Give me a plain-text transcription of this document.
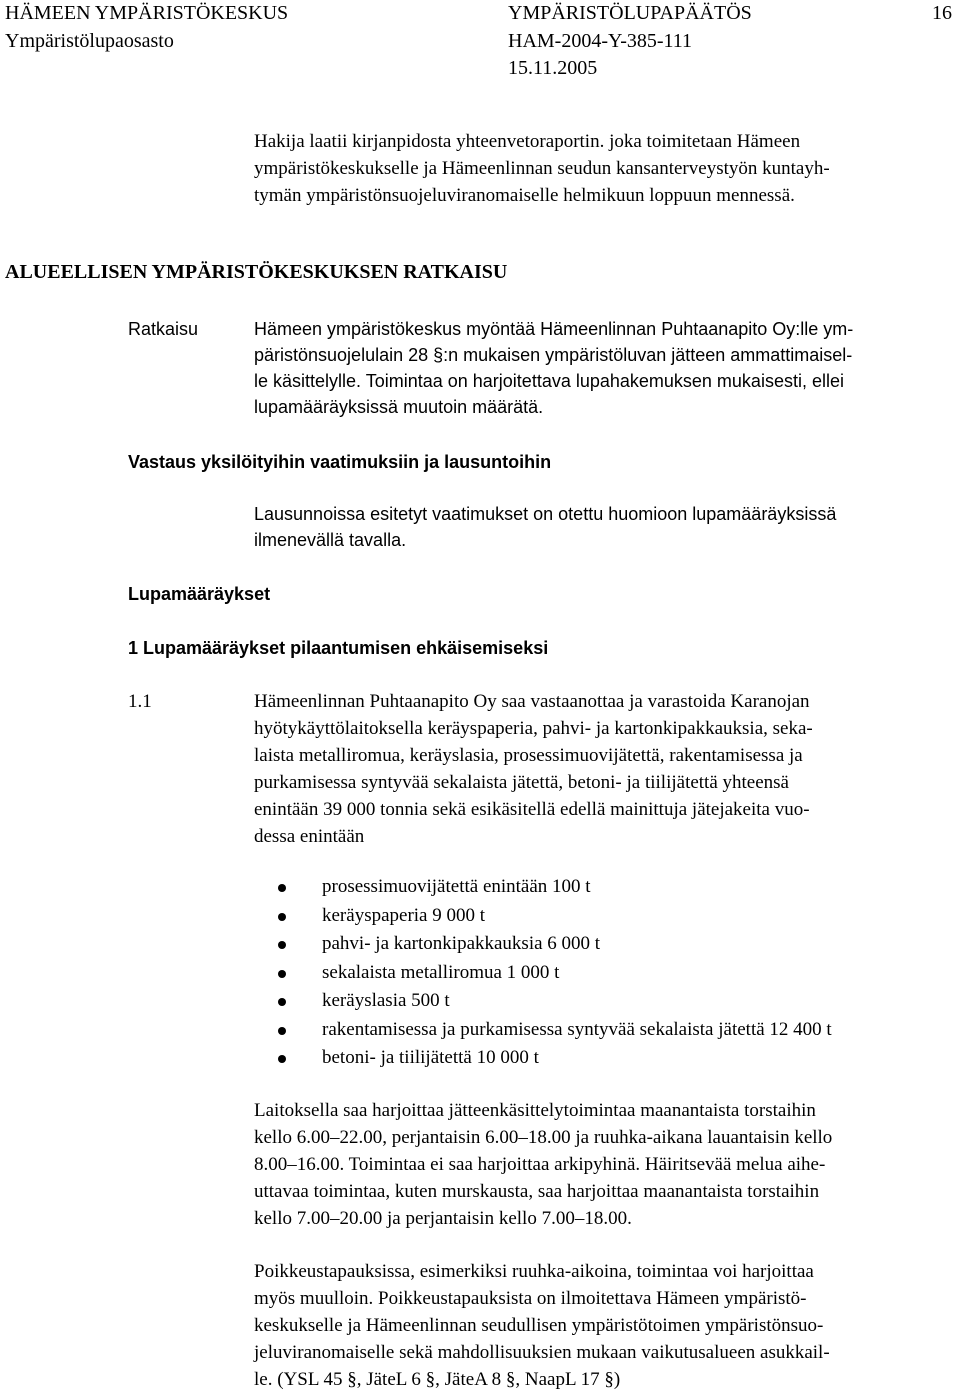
HÄMEEN YMPÄRISTÖKESKUS
Ympäristölupaosasto
YMPÄRISTÖLUPAPÄÄTÖS
HAM-2004-Y-385-111
15.11.2005
16
Hakija laatii kirjanpidosta yhteenvetoraportin. joka toimitetaan Hämeen
ympäristökeskukselle ja Hämeenlinnan seudun kansanterveystyön kuntayh-
tymän ympäristönsuojeluviranomaiselle helmikuun loppuun mennessä.
ALUEELLISEN YMPÄRISTÖKESKUKSEN RATKAISU
Ratkaisu	Hämeen ympäristökeskus myöntää Hämeenlinnan Puhtaanapito Oy:lle ym-
päristönsuojelulain 28 §:n mukaisen ympäristöluvan jätteen ammattimaisel-
le käsittelylle. Toimintaa on harjoitettava lupahakemuksen mukaisesti, ellei
lupamääräyksissä muutoin määrätä.
Vastaus yksilöityihin vaatimuksiin ja lausuntoihin
Lausunnoissa esitetyt vaatimukset on otettu huomioon lupamääräyksissä
ilmenevällä tavalla.
Lupamääräykset
1 Lupamääräykset pilaantumisen ehkäisemiseksi
1.1	Hämeenlinnan Puhtaanapito Oy saa vastaanottaa ja varastoida Karanojan
hyötykäyttölaitoksella keräyspaperia, pahvi- ja kartonkipakkauksia, seka-
laista metalliromua, keräyslasia, prosessimuovijätettä, rakentamisessa ja
purkamisessa syntyvää sekalaista jätettä, betoni- ja tiilijätettä yhteensä
enintään 39 000 tonnia sekä esikäsitellä edellä mainittuja jätejakeita vuo-
dessa enintään
prosessimuovijätettä enintään 100 t
keräyspaperia 9 000 t
pahvi- ja kartonkipakkauksia 6 000 t
sekalaista metalliromua 1 000 t
keräyslasia 500 t
rakentamisessa ja purkamisessa syntyvää sekalaista jätettä 12 400 t
betoni- ja tiilijätettä 10 000 t
Laitoksella saa harjoittaa jätteenkäsittelytoimintaa maanantaista torstaihin
kello 6.00–22.00, perjantaisin 6.00–18.00 ja ruuhka-aikana lauantaisin kello
8.00–16.00. Toimintaa ei saa harjoittaa arkipyhinä. Häiritsevää melua aihe-
uttavaa toimintaa, kuten murskausta, saa harjoittaa maanantaista torstaihin
kello 7.00–20.00 ja perjantaisin kello 7.00–18.00.
Poikkeustapauksissa, esimerkiksi ruuhka-aikoina, toimintaa voi harjoittaa
myös muulloin. Poikkeustapauksista on ilmoitettava Hämeen ympäristö-
keskukselle ja Hämeenlinnan seudullisen ympäristötoimen ympäristönsuo-
jeluviranomaiselle sekä mahdollisuuksien mukaan vaikutusalueen asukkail-
le. (YSL 45 §, JäteL 6 §, JäteA 8 §, NaapL 17 §)
